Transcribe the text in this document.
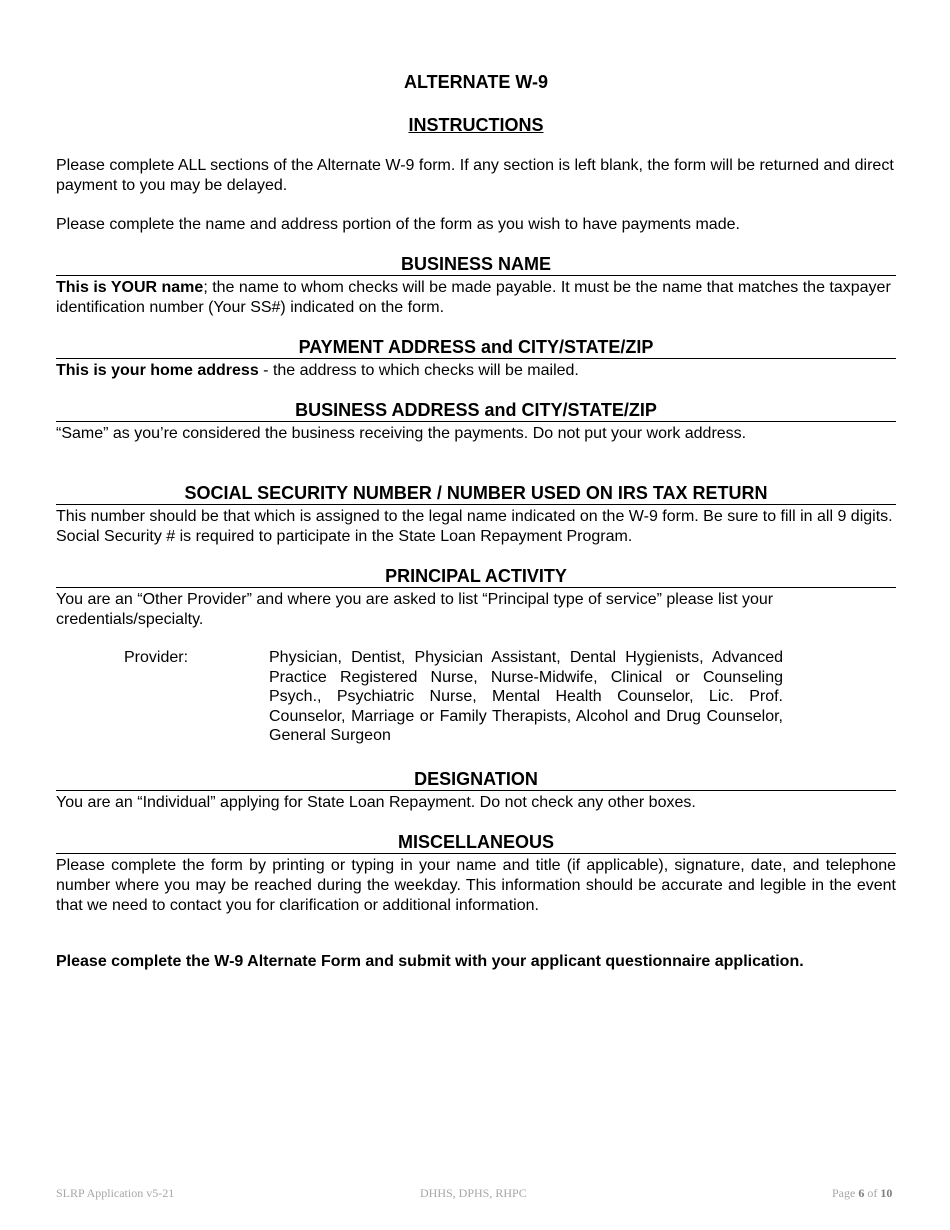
ALTERNATE W-9
INSTRUCTIONS

Please complete ALL sections of the Alternate W-9 form. If any section is left blank, the form will be returned and direct payment to you may be delayed.

Please complete the name and address portion of the form as you wish to have payments made.

BUSINESS NAME

This is YOUR name; the name to whom checks will be made payable. It must be the name that matches the taxpayer identification number (Your SS#) indicated on the form.

PAYMENT ADDRESS and CITY/STATE/ZIP

This is your home address - the address to which checks will be mailed.

BUSINESS ADDRESS and CITY/STATE/ZIP

“Same” as you’re considered the business receiving the payments. Do not put your work address.

SOCIAL SECURITY NUMBER / NUMBER USED ON IRS TAX RETURN

This number should be that which is assigned to the legal name indicated on the W-9 form. Be sure to fill in all 9 digits. Social Security # is required to participate in the State Loan Repayment Program.

PRINCIPAL ACTIVITY

You are an “Other Provider” and where you are asked to list “Principal type of service” please list your credentials/specialty.

Provider:	Physician, Dentist, Physician Assistant, Dental Hygienists, Advanced Practice Registered Nurse, Nurse-Midwife, Clinical or Counseling Psych., Psychiatric Nurse, Mental Health Counselor, Lic. Prof. Counselor, Marriage or Family Therapists, Alcohol and Drug Counselor, General Surgeon

DESIGNATION

You are an “Individual” applying for State Loan Repayment. Do not check any other boxes.

MISCELLANEOUS

Please complete the form by printing or typing in your name and title (if applicable), signature, date, and telephone number where you may be reached during the weekday. This information should be accurate and legible in the event that we need to contact you for clarification or additional information.

Please complete the W-9 Alternate Form and submit with your applicant questionnaire application.

SLRP Application v5-21	DHHS, DPHS, RHPC	Page 6 of 10
